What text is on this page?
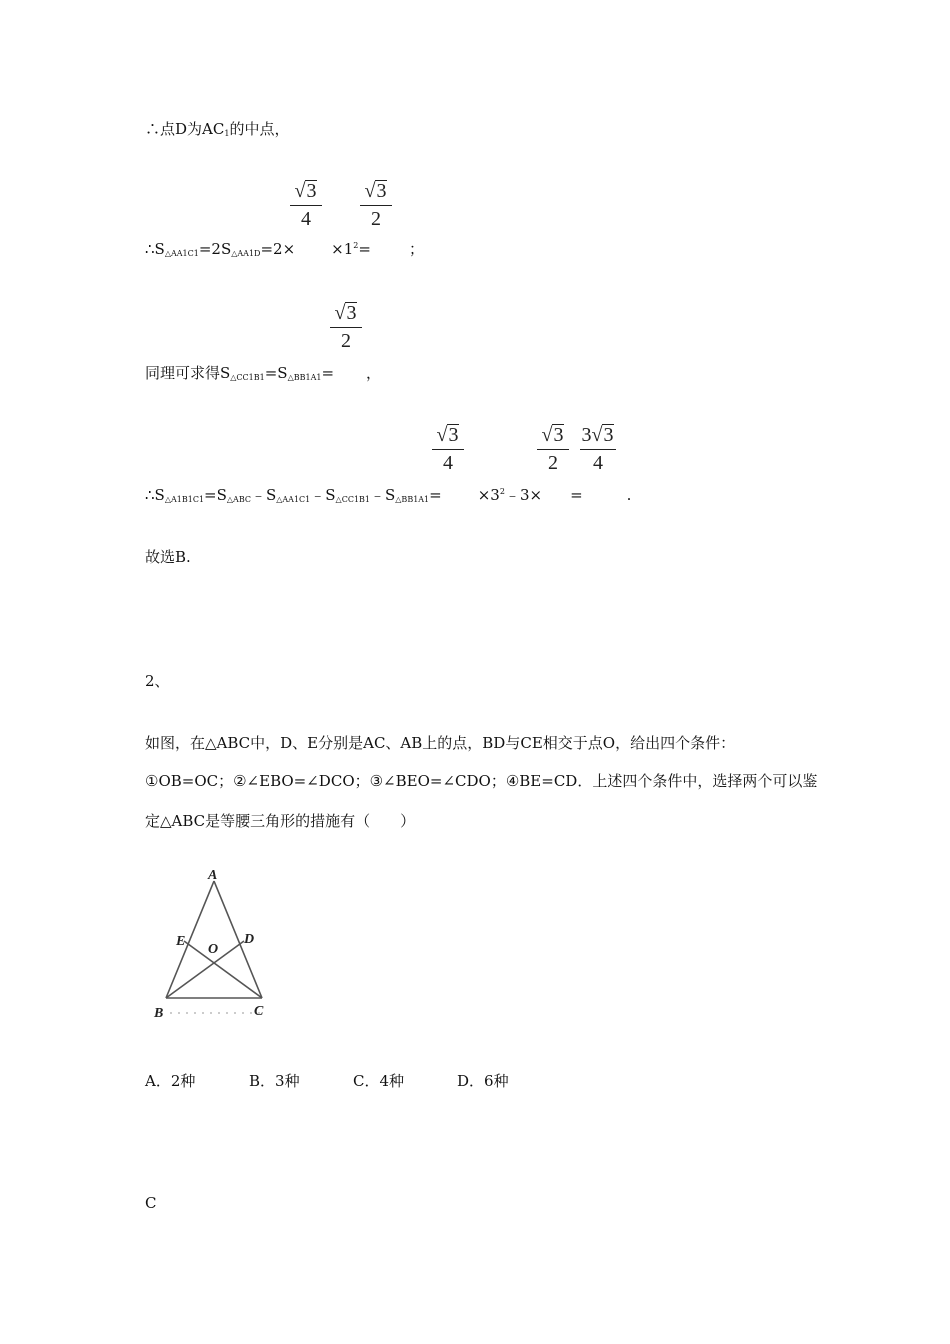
∴点D为$AC_1$的中点，
√3
4
√3
2
$\therefore S_{\triangle AA1C1}=2S_{\triangle AA1D}=2\times \times 1^2=$	；
√3
2
同理可求得$S_{\triangle CC1B1}=S_{\triangle BB1A1}=$ ，
√3
4
√3
2
3√3
4
$\therefore S_{\triangle A1B1C1}=S_{\triangle ABC}﹣S_{\triangle AA1C1}﹣S_{\triangle CC1B1}﹣S_{\triangle BB1A1}=$ $\times 3^2﹣3\times$ =	.
故选B.
2、
如图，在△ABC中，D、E分别是AC、AB上的点，BD与CE相交于点O，给出四个条件：
①OB=OC；②∠EBO=∠DCO；③∠BEO=∠CDO；④BE=CD．上述四个条件中，选择两个可以鉴
定△ABC是等腰三角形的措施有（　　）
A
E
O
D
B	C
A．2种	B．3种	C．4种	D．6种
C
